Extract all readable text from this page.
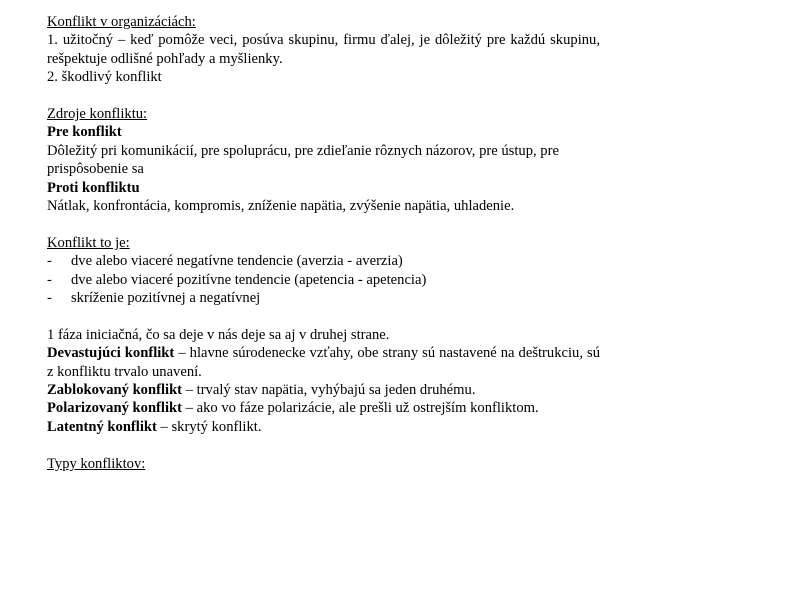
Konflikt v organizáciách:
1. užitočný – keď pomôže veci, posúva skupinu, firmu ďalej, je dôležitý pre každú skupinu, rešpektuje odlišné pohľady a myšlienky.
2. škodlivý konflikt
Zdroje konfliktu:
Pre konflikt
Dôležitý pri komunikácií, pre spoluprácu, pre zdieľanie rôznych názorov, pre ústup, pre prispôsobenie sa
Proti konfliktu
Nátlak, konfrontácia, kompromis, zníženie napätia, zvýšenie napätia, uhladenie.
Konflikt to je:
- dve alebo viaceré negatívne tendencie (averzia - averzia)
- dve alebo viaceré pozitívne tendencie (apetencia - apetencia)
- skríženie pozitívnej a negatívnej
1 fáza iniciačná, čo sa deje v nás deje sa aj v druhej strane.
Devastujúci konflikt – hlavne súrodenecke vzťahy, obe strany sú nastavené na deštrukciu, sú z konfliktu trvalo unavení.
Zablokovaný konflikt – trvalý stav napätia, vyhýbajú sa jeden druhému.
Polarizovaný konflikt – ako vo fáze polarizácie, ale prešli už ostrejším konfliktom.
Latentný konflikt – skrytý konflikt.
Typy konfliktov:
